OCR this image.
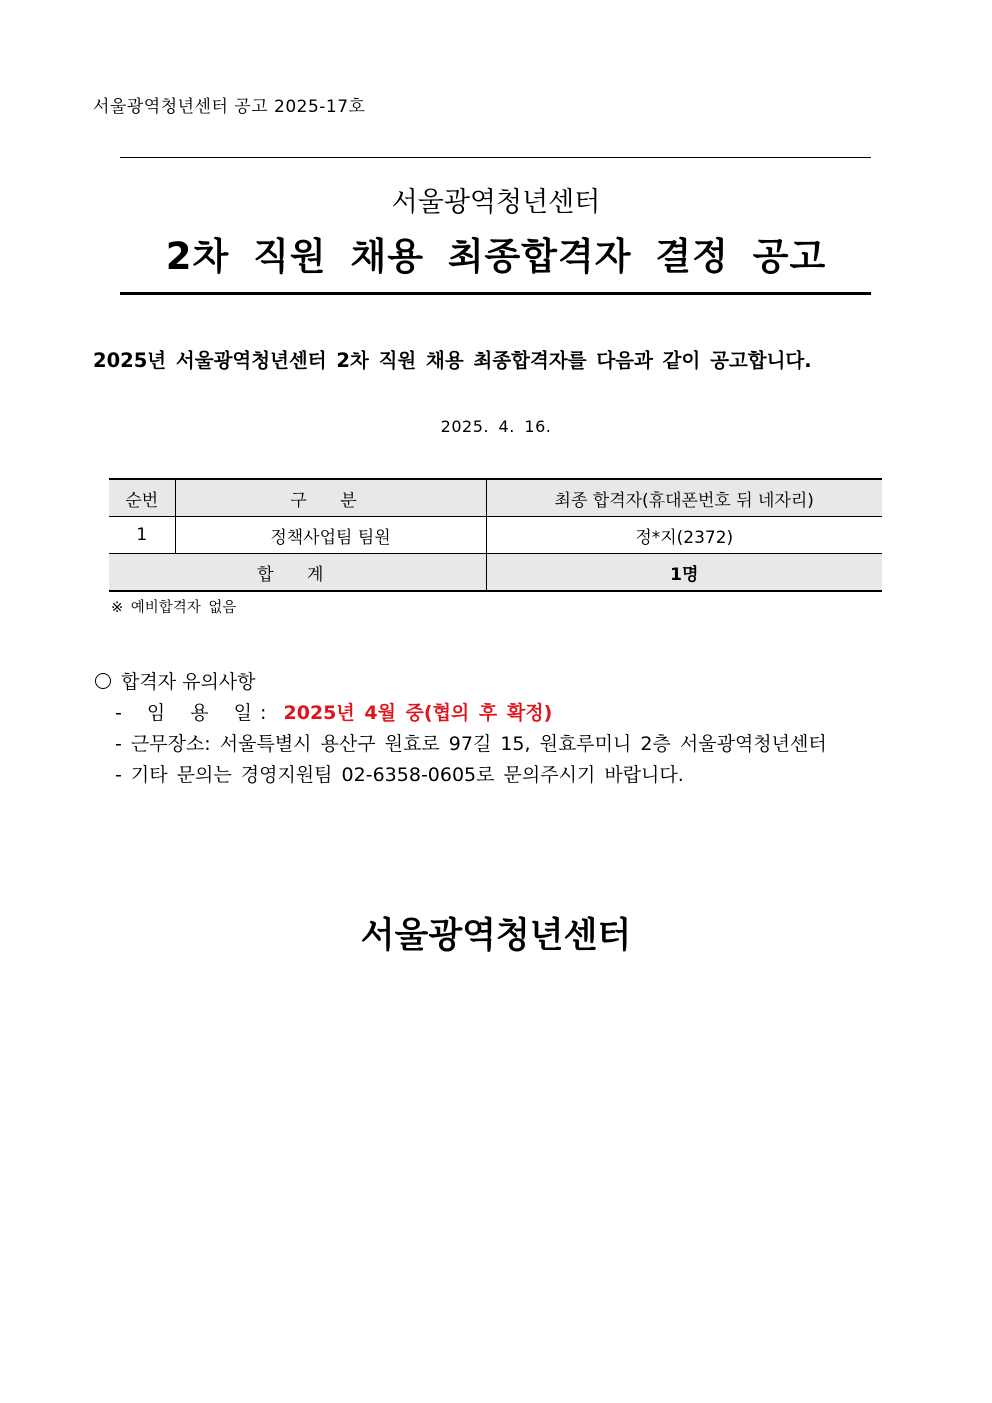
서울광역청년센터 공고 2025-17호
서울광역청년센터
2차 직원 채용 최종합격자 결정 공고
2025년 서울광역청년센터 2차 직원 채용 최종합격자를 다음과 같이 공고합니다.
2025. 4. 16.
순번	구 분	최종 합격자(휴대폰번호 뒤 네자리)
1	정책사업팀 팀원	정*지(2372)
합 계		1명
※ 예비합격자 없음
합격자 유의사항
- 임 용 일: 2025년 4월 중(협의 후 확정)
- 근무장소: 서울특별시 용산구 원효로 97길 15, 원효루미니 2층 서울광역청년센터
- 기타 문의는 경영지원팀 02-6358-0605로 문의주시기 바랍니다.
서울광역청년센터
